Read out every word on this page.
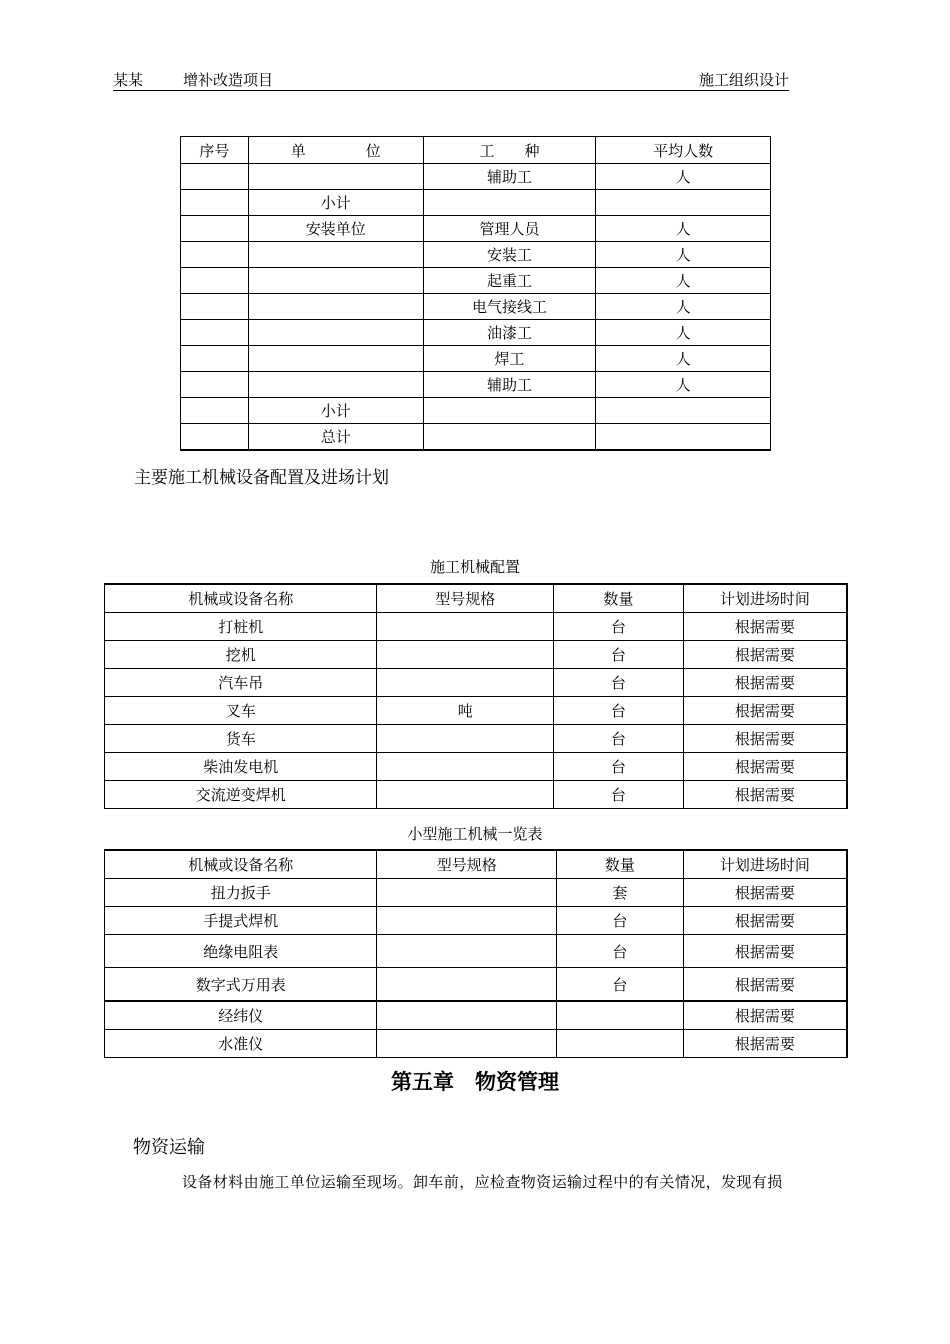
某某	增补改造项目	施工组织设计
序号	单　　　　位	工　　种	平均人数
		辅助工	人
	小计		
	安装单位	管理人员	人
		安装工	人
		起重工	人
		电气接线工	人
		油漆工	人
		焊工	人
		辅助工	人
	小计		
	总计		
主要施工机械设备配置及进场计划
施工机械配置
机械或设备名称	型号规格	数量	计划进场时间
打桩机		台	根据需要
挖机		台	根据需要
汽车吊		台	根据需要
叉车	吨	台	根据需要
货车		台	根据需要
柴油发电机		台	根据需要
交流逆变焊机		台	根据需要
小型施工机械一览表
机械或设备名称	型号规格	数量	计划进场时间
扭力扳手		套	根据需要
手提式焊机		台	根据需要
绝缘电阻表		台	根据需要
数字式万用表		台	根据需要
经纬仪			根据需要
水准仪			根据需要
第五章　物资管理
物资运输
设备材料由施工单位运输至现场。卸车前，应检查物资运输过程中的有关情况，发现有损
